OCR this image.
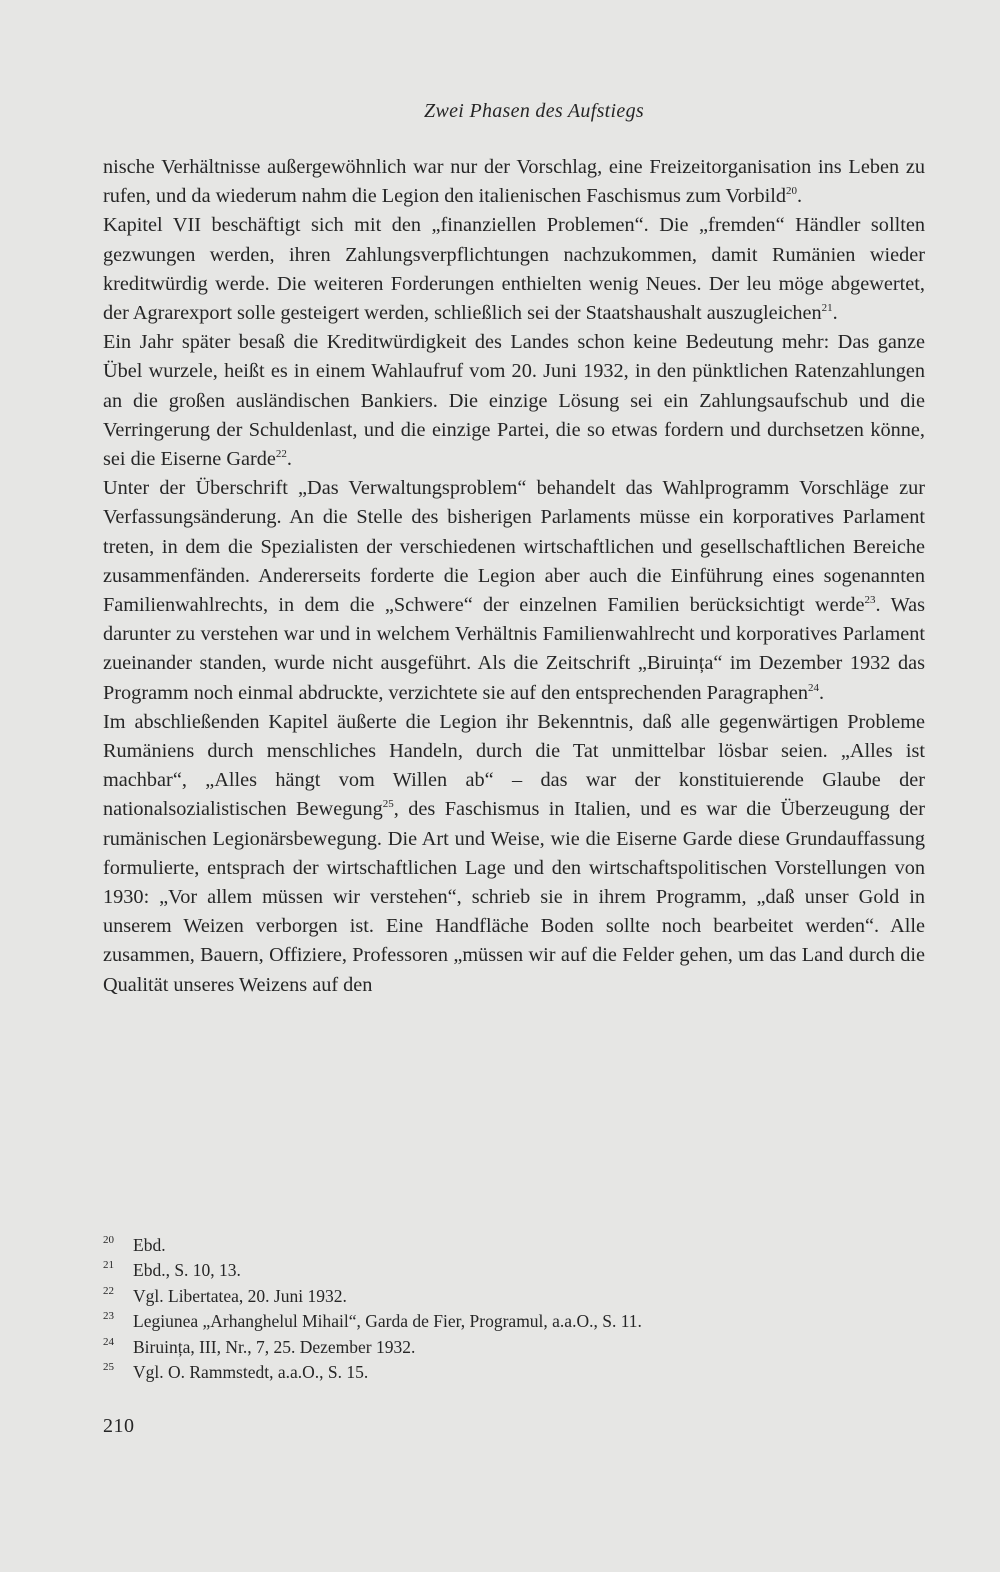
Zwei Phasen des Aufstiegs

nische Verhältnisse außergewöhnlich war nur der Vorschlag, eine Freizeitorganisation ins Leben zu rufen, und da wiederum nahm die Legion den italienischen Faschismus zum Vorbild$^{20}$.

Kapitel VII beschäftigt sich mit den „finanziellen Problemen“. Die „fremden“ Händler sollten gezwungen werden, ihren Zahlungsverpflichtungen nachzukommen, damit Rumänien wieder kreditwürdig werde. Die weiteren Forderungen enthielten wenig Neues. Der leu möge abgewertet, der Agrarexport solle gesteigert werden, schließlich sei der Staatshaushalt auszugleichen$^{21}$.

Ein Jahr später besaß die Kreditwürdigkeit des Landes schon keine Bedeutung mehr: Das ganze Übel wurzele, heißt es in einem Wahlaufruf vom 20. Juni 1932, in den pünktlichen Ratenzahlungen an die großen ausländischen Bankiers. Die einzige Lösung sei ein Zahlungsaufschub und die Verringerung der Schuldenlast, und die einzige Partei, die so etwas fordern und durchsetzen könne, sei die Eiserne Garde$^{22}$.

Unter der Überschrift „Das Verwaltungsproblem“ behandelt das Wahlprogramm Vorschläge zur Verfassungsänderung. An die Stelle des bisherigen Parlaments müsse ein korporatives Parlament treten, in dem die Spezialisten der verschiedenen wirtschaftlichen und gesellschaftlichen Bereiche zusammenfänden. Andererseits forderte die Legion aber auch die Einführung eines sogenannten Familienwahlrechts, in dem die „Schwere“ der einzelnen Familien berücksichtigt werde$^{23}$. Was darunter zu verstehen war und in welchem Verhältnis Familienwahlrecht und korporatives Parlament zueinander standen, wurde nicht ausgeführt. Als die Zeitschrift „Biruința“ im Dezember 1932 das Programm noch einmal abdruckte, verzichtete sie auf den entsprechenden Paragraphen$^{24}$.

Im abschließenden Kapitel äußerte die Legion ihr Bekenntnis, daß alle gegenwärtigen Probleme Rumäniens durch menschliches Handeln, durch die Tat unmittelbar lösbar seien. „Alles ist machbar“, „Alles hängt vom Willen ab“ – das war der konstituierende Glaube der nationalsozialistischen Bewegung$^{25}$, des Faschismus in Italien, und es war die Überzeugung der rumänischen Legionärsbewegung. Die Art und Weise, wie die Eiserne Garde diese Grundauffassung formulierte, entsprach der wirtschaftlichen Lage und den wirtschaftspolitischen Vorstellungen von 1930: „Vor allem müssen wir verstehen“, schrieb sie in ihrem Programm, „daß unser Gold in unserem Weizen verborgen ist. Eine Handfläche Boden sollte noch bearbeitet werden“. Alle zusammen, Bauern, Offiziere, Professoren „müssen wir auf die Felder gehen, um das Land durch die Qualität unseres Weizens auf den

20	Ebd.
21	Ebd., S. 10, 13.
22	Vgl. Libertatea, 20. Juni 1932.
23	Legiunea „Arhanghelul Mihail“, Garda de Fier, Programul, a.a.O., S. 11.
24	Biruința, III, Nr., 7, 25. Dezember 1932.
25	Vgl. O. Rammstedt, a.a.O., S. 15.
210
